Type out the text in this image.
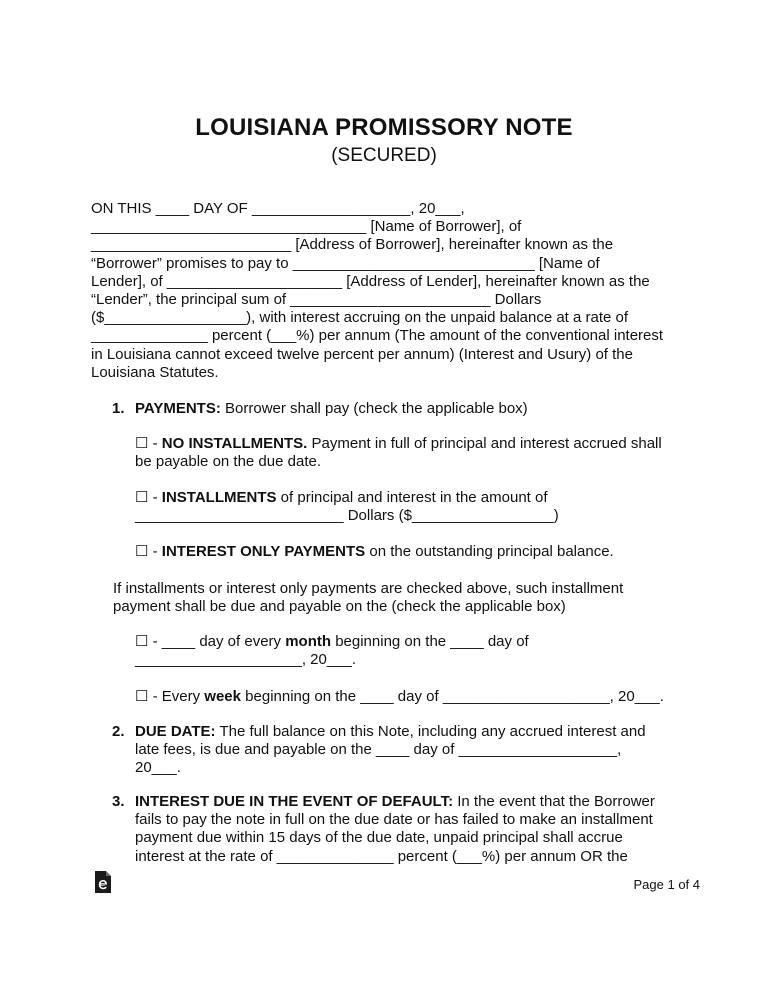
LOUISIANA PROMISSORY NOTE
(SECURED)
ON THIS ____ DAY OF ___________________, 20___,
_________________________________ [Name of Borrower], of
________________________ [Address of Borrower], hereinafter known as the
“Borrower” promises to pay to _____________________________ [Name of
Lender], of _____________________ [Address of Lender], hereinafter known as the
“Lender”, the principal sum of ________________________ Dollars
($_________________), with interest accruing on the unpaid balance at a rate of
______________ percent (___%) per annum (The amount of the conventional interest
in Louisiana cannot exceed twelve percent per annum) (Interest and Usury) of the
Louisiana Statutes.
1. PAYMENTS: Borrower shall pay (check the applicable box)
☐ - NO INSTALLMENTS. Payment in full of principal and interest accrued shall
be payable on the due date.
☐ - INSTALLMENTS of principal and interest in the amount of
_________________________ Dollars ($_________________)
☐ - INTEREST ONLY PAYMENTS on the outstanding principal balance.
If installments or interest only payments are checked above, such installment
payment shall be due and payable on the (check the applicable box)
☐ - ____ day of every month beginning on the ____ day of
____________________, 20___.
☐ - Every week beginning on the ____ day of ____________________, 20___.
2. DUE DATE: The full balance on this Note, including any accrued interest and
late fees, is due and payable on the ____ day of ___________________,
20___.
3. INTEREST DUE IN THE EVENT OF DEFAULT: In the event that the Borrower
fails to pay the note in full on the due date or has failed to make an installment
payment due within 15 days of the due date, unpaid principal shall accrue
interest at the rate of ______________ percent (___%) per annum OR the
Page 1 of 4
